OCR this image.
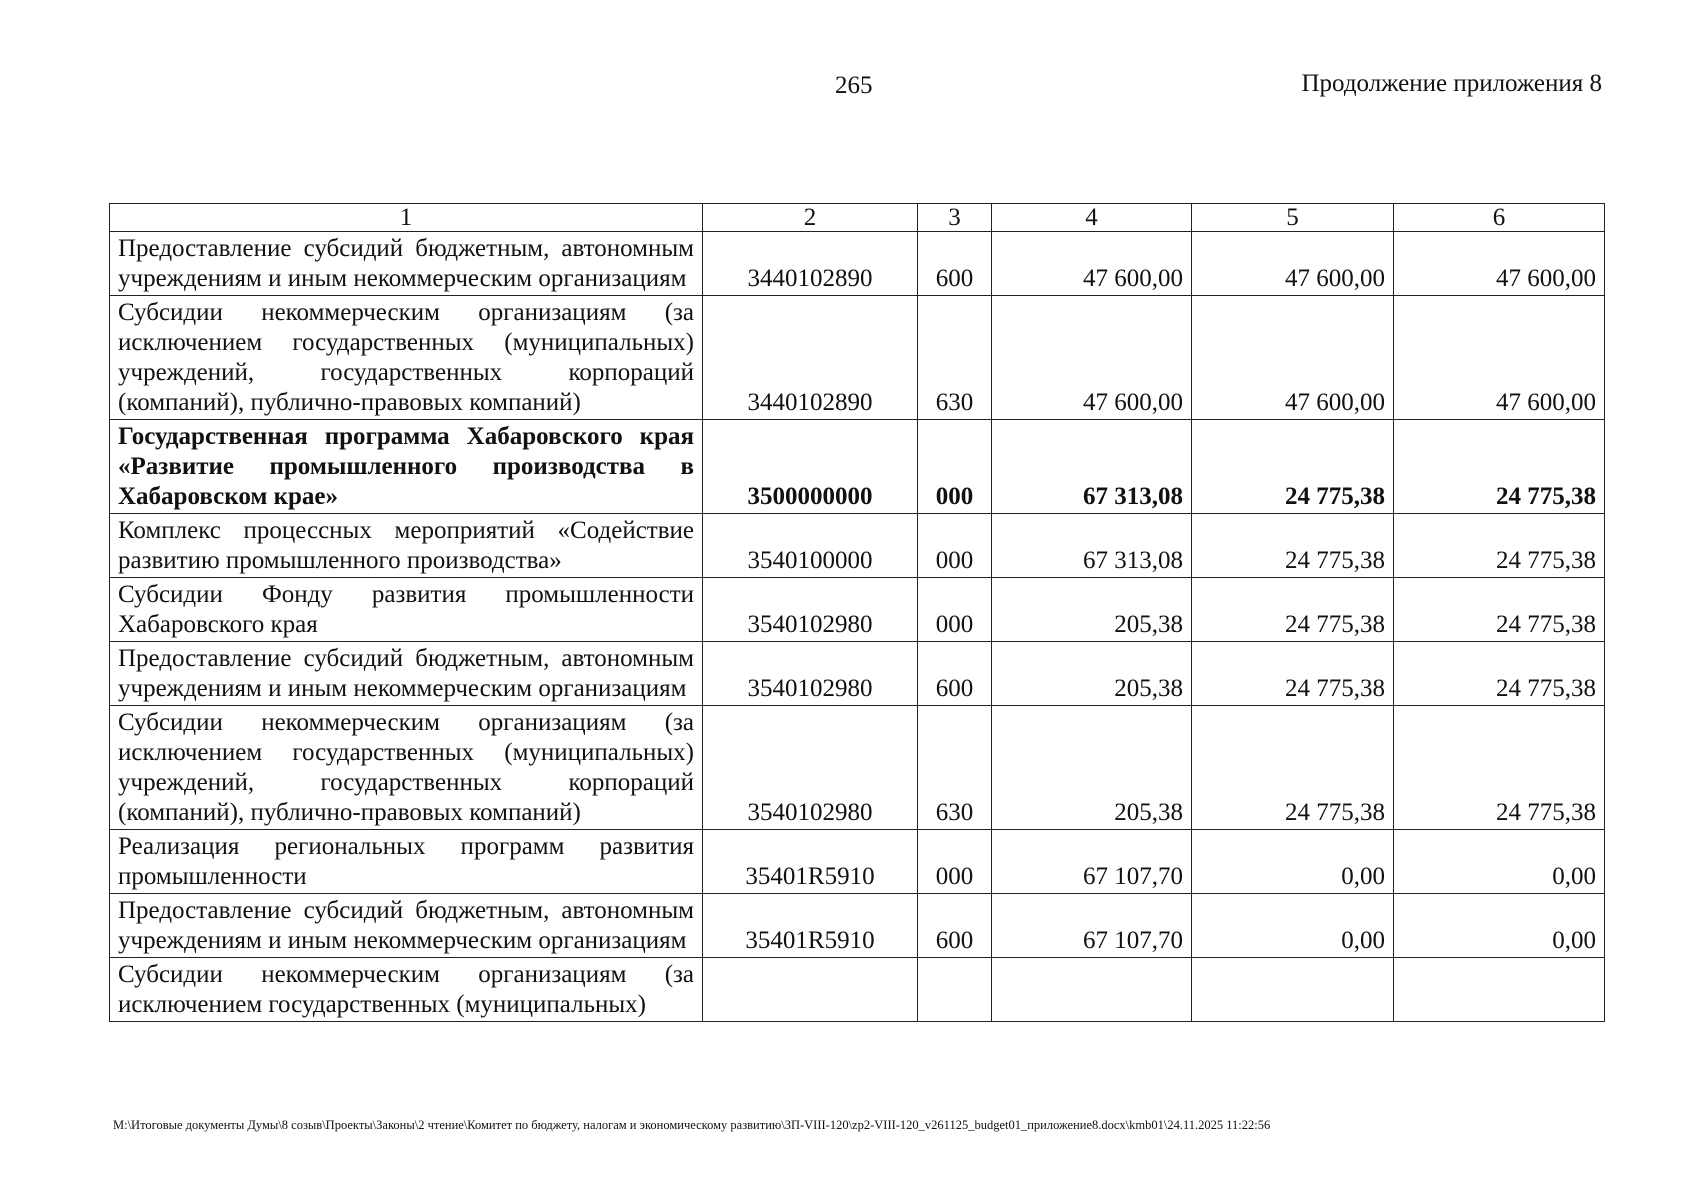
265	Продолжение приложения 8
1	2	3	4	5	6
Предоставление субсидий бюджетным, автономным учреждениям и иным некоммерческим организациям	3440102890	600	47 600,00	47 600,00	47 600,00
Субсидии некоммерческим организациям (за исключением государственных (муниципальных) учреждений, государственных корпораций (компаний), публично-правовых компаний)	3440102890	630	47 600,00	47 600,00	47 600,00
Государственная программа Хабаровского края «Развитие промышленного производства в Хабаровском крае»	3500000000	000	67 313,08	24 775,38	24 775,38
Комплекс процессных мероприятий «Содействие развитию промышленного производства»	3540100000	000	67 313,08	24 775,38	24 775,38
Субсидии Фонду развития промышленности Хабаровского края	3540102980	000	205,38	24 775,38	24 775,38
Предоставление субсидий бюджетным, автономным учреждениям и иным некоммерческим организациям	3540102980	600	205,38	24 775,38	24 775,38
Субсидии некоммерческим организациям (за исключением государственных (муниципальных) учреждений, государственных корпораций (компаний), публично-правовых компаний)	3540102980	630	205,38	24 775,38	24 775,38
Реализация региональных программ развития промышленности	35401R5910	000	67 107,70	0,00	0,00
Предоставление субсидий бюджетным, автономным учреждениям и иным некоммерческим организациям	35401R5910	600	67 107,70	0,00	0,00
Субсидии некоммерческим организациям (за исключением государственных (муниципальных)					
M:\Итоговые документы Думы\8 созыв\Проекты\Законы\2 чтение\Комитет по бюджету, налогам и экономическому развитию\ЗП-VIII-120\zp2-VIII-120_v261125_budget01_приложение8.docx\kmb01\24.11.2025 11:22:56
